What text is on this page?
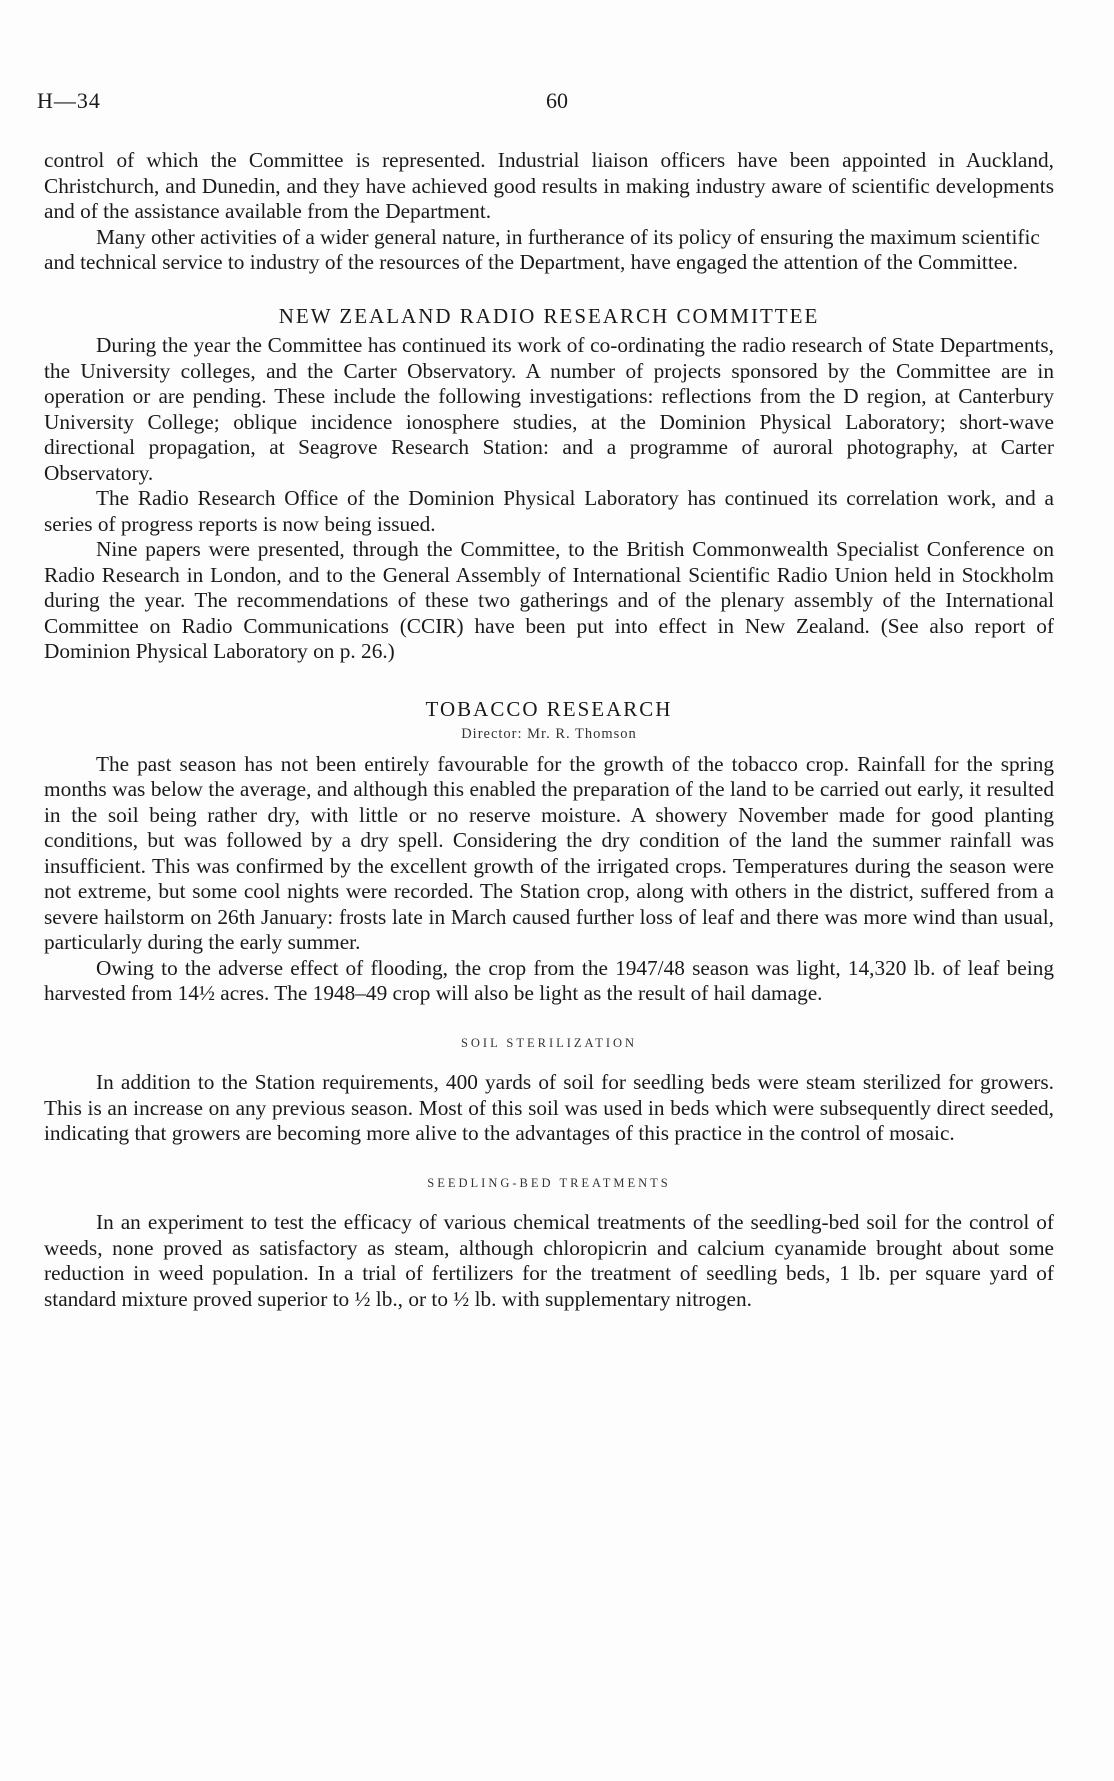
H—34	60

control of which the Committee is represented. Industrial liaison officers have been appointed in Auckland, Christchurch, and Dunedin, and they have achieved good results in making industry aware of scientific developments and of the assistance available from the Department.

Many other activities of a wider general nature, in furtherance of its policy of ensuring the maximum scientific and technical service to industry of the resources of the Department, have engaged the attention of the Committee.

NEW ZEALAND RADIO RESEARCH COMMITTEE

During the year the Committee has continued its work of co-ordinating the radio research of State Departments, the University colleges, and the Carter Observatory. A number of projects sponsored by the Committee are in operation or are pending. These include the following investigations: reflections from the D region, at Canterbury University College; oblique incidence ionosphere studies, at the Dominion Physical Laboratory; short-wave directional propagation, at Seagrove Research Station: and a programme of auroral photography, at Carter Observatory.

The Radio Research Office of the Dominion Physical Laboratory has continued its correlation work, and a series of progress reports is now being issued.

Nine papers were presented, through the Committee, to the British Commonwealth Specialist Conference on Radio Research in London, and to the General Assembly of International Scientific Radio Union held in Stockholm during the year. The recommendations of these two gatherings and of the plenary assembly of the International Committee on Radio Communications (CCIR) have been put into effect in New Zealand. (See also report of Dominion Physical Laboratory on p. 26.)

TOBACCO RESEARCH

Director: Mr. R. Thomson

The past season has not been entirely favourable for the growth of the tobacco crop. Rainfall for the spring months was below the average, and although this enabled the preparation of the land to be carried out early, it resulted in the soil being rather dry, with little or no reserve moisture. A showery November made for good planting conditions, but was followed by a dry spell. Considering the dry condition of the land the summer rainfall was insufficient. This was confirmed by the excellent growth of the irrigated crops. Temperatures during the season were not extreme, but some cool nights were recorded. The Station crop, along with others in the district, suffered from a severe hailstorm on 26th January: frosts late in March caused further loss of leaf and there was more wind than usual, particularly during the early summer.

Owing to the adverse effect of flooding, the crop from the 1947/48 season was light, 14,320 lb. of leaf being harvested from 14½ acres. The 1948–49 crop will also be light as the result of hail damage.

SOIL STERILIZATION

In addition to the Station requirements, 400 yards of soil for seedling beds were steam sterilized for growers. This is an increase on any previous season. Most of this soil was used in beds which were subsequently direct seeded, indicating that growers are becoming more alive to the advantages of this practice in the control of mosaic.

SEEDLING-BED TREATMENTS

In an experiment to test the efficacy of various chemical treatments of the seedling-bed soil for the control of weeds, none proved as satisfactory as steam, although chloropicrin and calcium cyanamide brought about some reduction in weed population. In a trial of fertilizers for the treatment of seedling beds, 1 lb. per square yard of standard mixture proved superior to ½ lb., or to ½ lb. with supplementary nitrogen.
